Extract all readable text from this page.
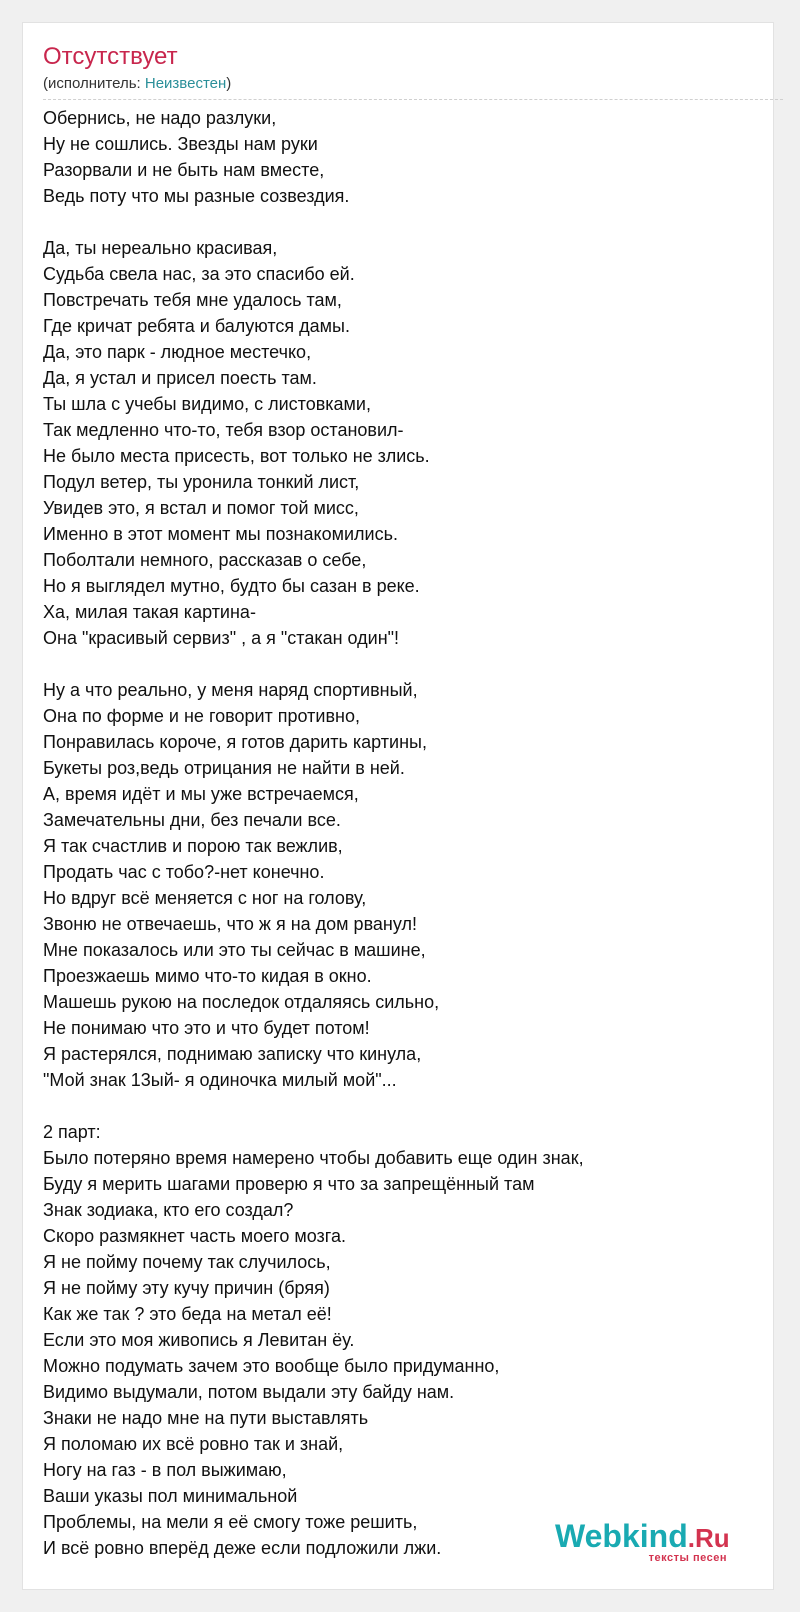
Отсутствует
(исполнитель: Неизвестен)
Обернись, не надо разлуки,
Ну не сошлись. Звезды нам руки
Разорвали и не быть нам вместе,
Ведь поту что мы разные созвездия.
Да, ты нереально красивая,
Судьба свела нас, за это спасибо ей.
Повстречать тебя мне удалось там,
Где кричат ребята и балуются дамы.
Да, это парк - людное местечко,
Да, я устал и присел поесть там.
Ты шла с учебы видимо, с листовками,
Так медленно что-то, тебя взор остановил-
Не было места присесть, вот только не злись.
Подул ветер, ты уронила тонкий лист,
Увидев это, я встал и помог той мисс,
Именно в этот момент мы познакомились.
Поболтали немного, рассказав о себе,
Но я выглядел мутно, будто бы сазан в реке.
Ха, милая такая картина-
Она "красивый сервиз" , а я "стакан один"!
Ну а что реально, у меня наряд спортивный,
Она по форме и не говорит противно,
Понравилась короче, я готов дарить картины,
Букеты роз,ведь отрицания не найти в ней.
А, время идёт и мы уже встречаемся,
Замечательны дни, без печали все.
Я так счастлив и порою так вежлив,
Продать час с тобо?-нет конечно.
Но вдруг всё меняется с ног на голову,
Звоню не отвечаешь, что ж я на дом рванул!
Мне показалось или это ты сейчас в машине,
Проезжаешь мимо что-то кидая в окно.
Машешь рукою на последок отдаляясь сильно,
Не понимаю что это и что будет потом!
Я растерялся, поднимаю записку что кинула,
"Мой знак 13ый- я одиночка милый мой"...
2 парт:
Было потеряно время намерено чтобы добавить еще один знак,
Буду я мерить шагами проверю я что за запрещённый там
Знак зодиака, кто его создал?
Скоро размякнет часть моего мозга.
Я не пойму почему так случилось,
Я не пойму эту кучу причин (бряя)
Как же так ? это беда на метал её!
Если это моя живопись я Левитан ёу.
Можно подумать зачем это вообще было придуманно,
Видимо выдумали, потом выдали эту байду нам.
Знаки не надо мне на пути выставлять
Я поломаю их всё ровно так и знай,
Ногу на газ - в пол выжимаю,
Ваши указы пол минимальной
Проблемы, на мели я её смогу тоже решить,
И всё ровно вперёд деже если подложили лжи.	Webkind.Ru
тексты песен
